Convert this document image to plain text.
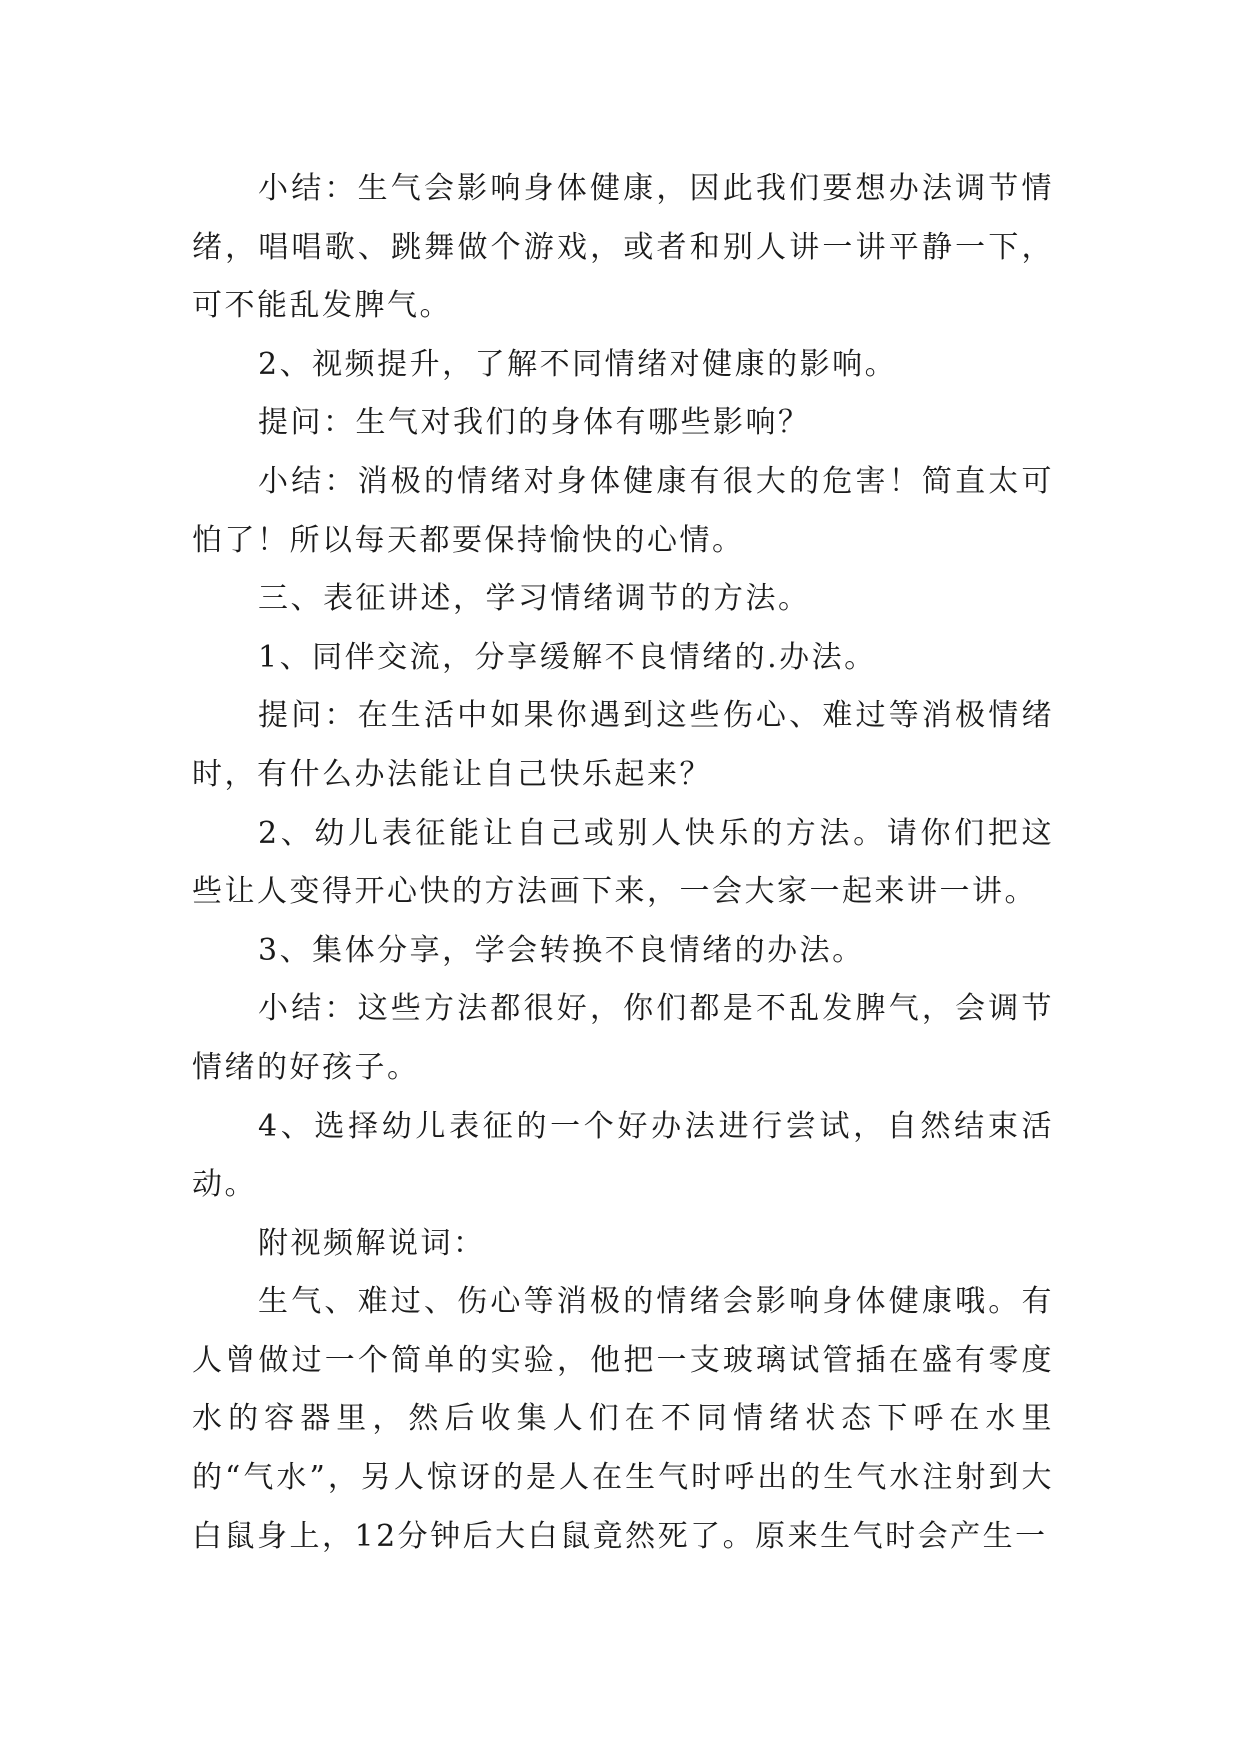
小结：生气会影响身体健康，因此我们要想办法调节情绪，唱唱歌、跳舞做个游戏，或者和别人讲一讲平静一下，可不能乱发脾气。

2、视频提升，了解不同情绪对健康的影响。

提问：生气对我们的身体有哪些影响？

小结：消极的情绪对身体健康有很大的危害！简直太可怕了！所以每天都要保持愉快的心情。

三、表征讲述，学习情绪调节的方法。

1、同伴交流，分享缓解不良情绪的.办法。

提问：在生活中如果你遇到这些伤心、难过等消极情绪时，有什么办法能让自己快乐起来？

2、幼儿表征能让自己或别人快乐的方法。请你们把这些让人变得开心快的方法画下来，一会大家一起来讲一讲。

3、集体分享，学会转换不良情绪的办法。

小结：这些方法都很好，你们都是不乱发脾气，会调节情绪的好孩子。

4、选择幼儿表征的一个好办法进行尝试，自然结束活动。

附视频解说词：

生气、难过、伤心等消极的情绪会影响身体健康哦。有人曾做过一个简单的实验，他把一支玻璃试管插在盛有零度水的容器里，然后收集人们在不同情绪状态下呼在水里的“气水”，另人惊讶的是人在生气时呼出的生气水注射到大白鼠身上，12分钟后大白鼠竟然死了。原来生气时会产生一
